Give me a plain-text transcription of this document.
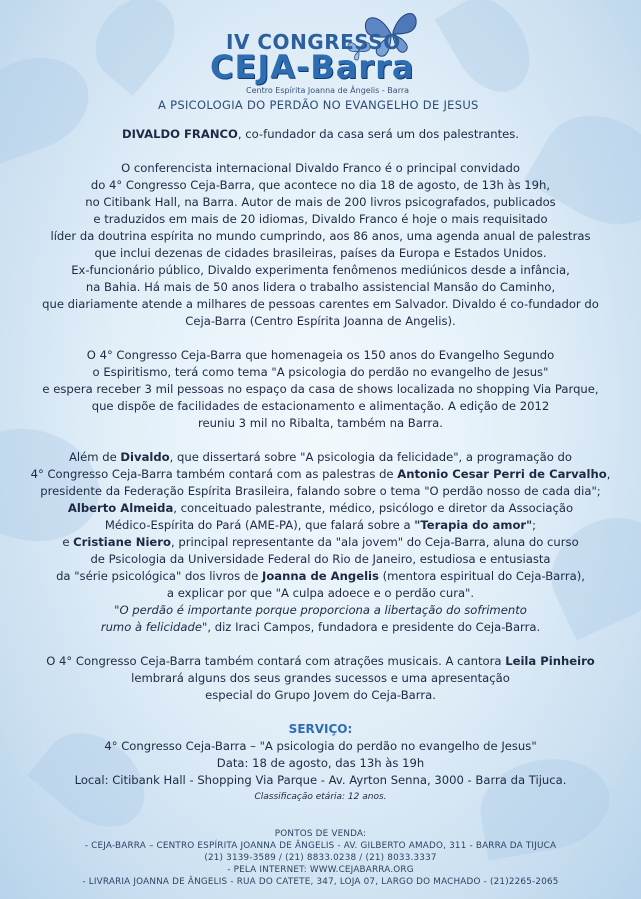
IV CONGRESSO
CEJA-Barra
Centro Espírita Joanna de Ângelis - Barra
A PSICOLOGIA DO PERDÃO NO EVANGELHO DE JESUS

DIVALDO FRANCO, co-fundador da casa será um dos palestrantes.

O conferencista internacional Divaldo Franco é o principal convidado
do 4° Congresso Ceja-Barra, que acontece no dia 18 de agosto, de 13h às 19h,
no Citibank Hall, na Barra. Autor de mais de 200 livros psicografados, publicados
e traduzidos em mais de 20 idiomas, Divaldo Franco é hoje o mais requisitado
líder da doutrina espírita no mundo cumprindo, aos 86 anos, uma agenda anual de palestras
que inclui dezenas de cidades brasileiras, países da Europa e Estados Unidos.
Ex-funcionário público, Divaldo experimenta fenômenos mediúnicos desde a infância,
na Bahia. Há mais de 50 anos lidera o trabalho assistencial Mansão do Caminho,
que diariamente atende a milhares de pessoas carentes em Salvador. Divaldo é co-fundador do
Ceja-Barra (Centro Espírita Joanna de Angelis).

O 4° Congresso Ceja-Barra que homenageia os 150 anos do Evangelho Segundo
o Espiritismo, terá como tema "A psicologia do perdão no evangelho de Jesus"
e espera receber 3 mil pessoas no espaço da casa de shows localizada no shopping Via Parque,
que dispõe de facilidades de estacionamento e alimentação. A edição de 2012
reuniu 3 mil no Ribalta, também na Barra.

Além de Divaldo, que dissertará sobre "A psicologia da felicidade", a programação do
4° Congresso Ceja-Barra também contará com as palestras de Antonio Cesar Perri de Carvalho,
presidente da Federação Espírita Brasileira, falando sobre o tema "O perdão nosso de cada dia";
Alberto Almeida, conceituado palestrante, médico, psicólogo e diretor da Associação
Médico-Espírita do Pará (AME-PA), que falará sobre a "Terapia do amor";
e Cristiane Niero, principal representante da "ala jovem" do Ceja-Barra, aluna do curso
de Psicologia da Universidade Federal do Rio de Janeiro, estudiosa e entusiasta
da "série psicológica" dos livros de Joanna de Angelis (mentora espiritual do Ceja-Barra),
a explicar por que "A culpa adoece e o perdão cura".
"O perdão é importante porque proporciona a libertação do sofrimento
rumo à felicidade", diz Iraci Campos, fundadora e presidente do Ceja-Barra.

O 4° Congresso Ceja-Barra também contará com atrações musicais. A cantora Leila Pinheiro
lembrará alguns dos seus grandes sucessos e uma apresentação
especial do Grupo Jovem do Ceja-Barra.

SERVIÇO:
4° Congresso Ceja-Barra – "A psicologia do perdão no evangelho de Jesus"
Data: 18 de agosto, das 13h às 19h
Local: Citibank Hall - Shopping Via Parque - Av. Ayrton Senna, 3000 - Barra da Tijuca.
Classificação etária: 12 anos.

PONTOS DE VENDA:
- CEJA-BARRA – CENTRO ESPÍRITA JOANNA DE ÂNGELIS - AV. GILBERTO AMADO, 311 - BARRA DA TIJUCA
(21) 3139-3589 / (21) 8833.0238 / (21) 8033.3337
- PELA INTERNET: WWW.CEJABARRA.ORG
- LIVRARIA JOANNA DE ÂNGELIS - RUA DO CATETE, 347, LOJA 07, LARGO DO MACHADO - (21)2265-2065
